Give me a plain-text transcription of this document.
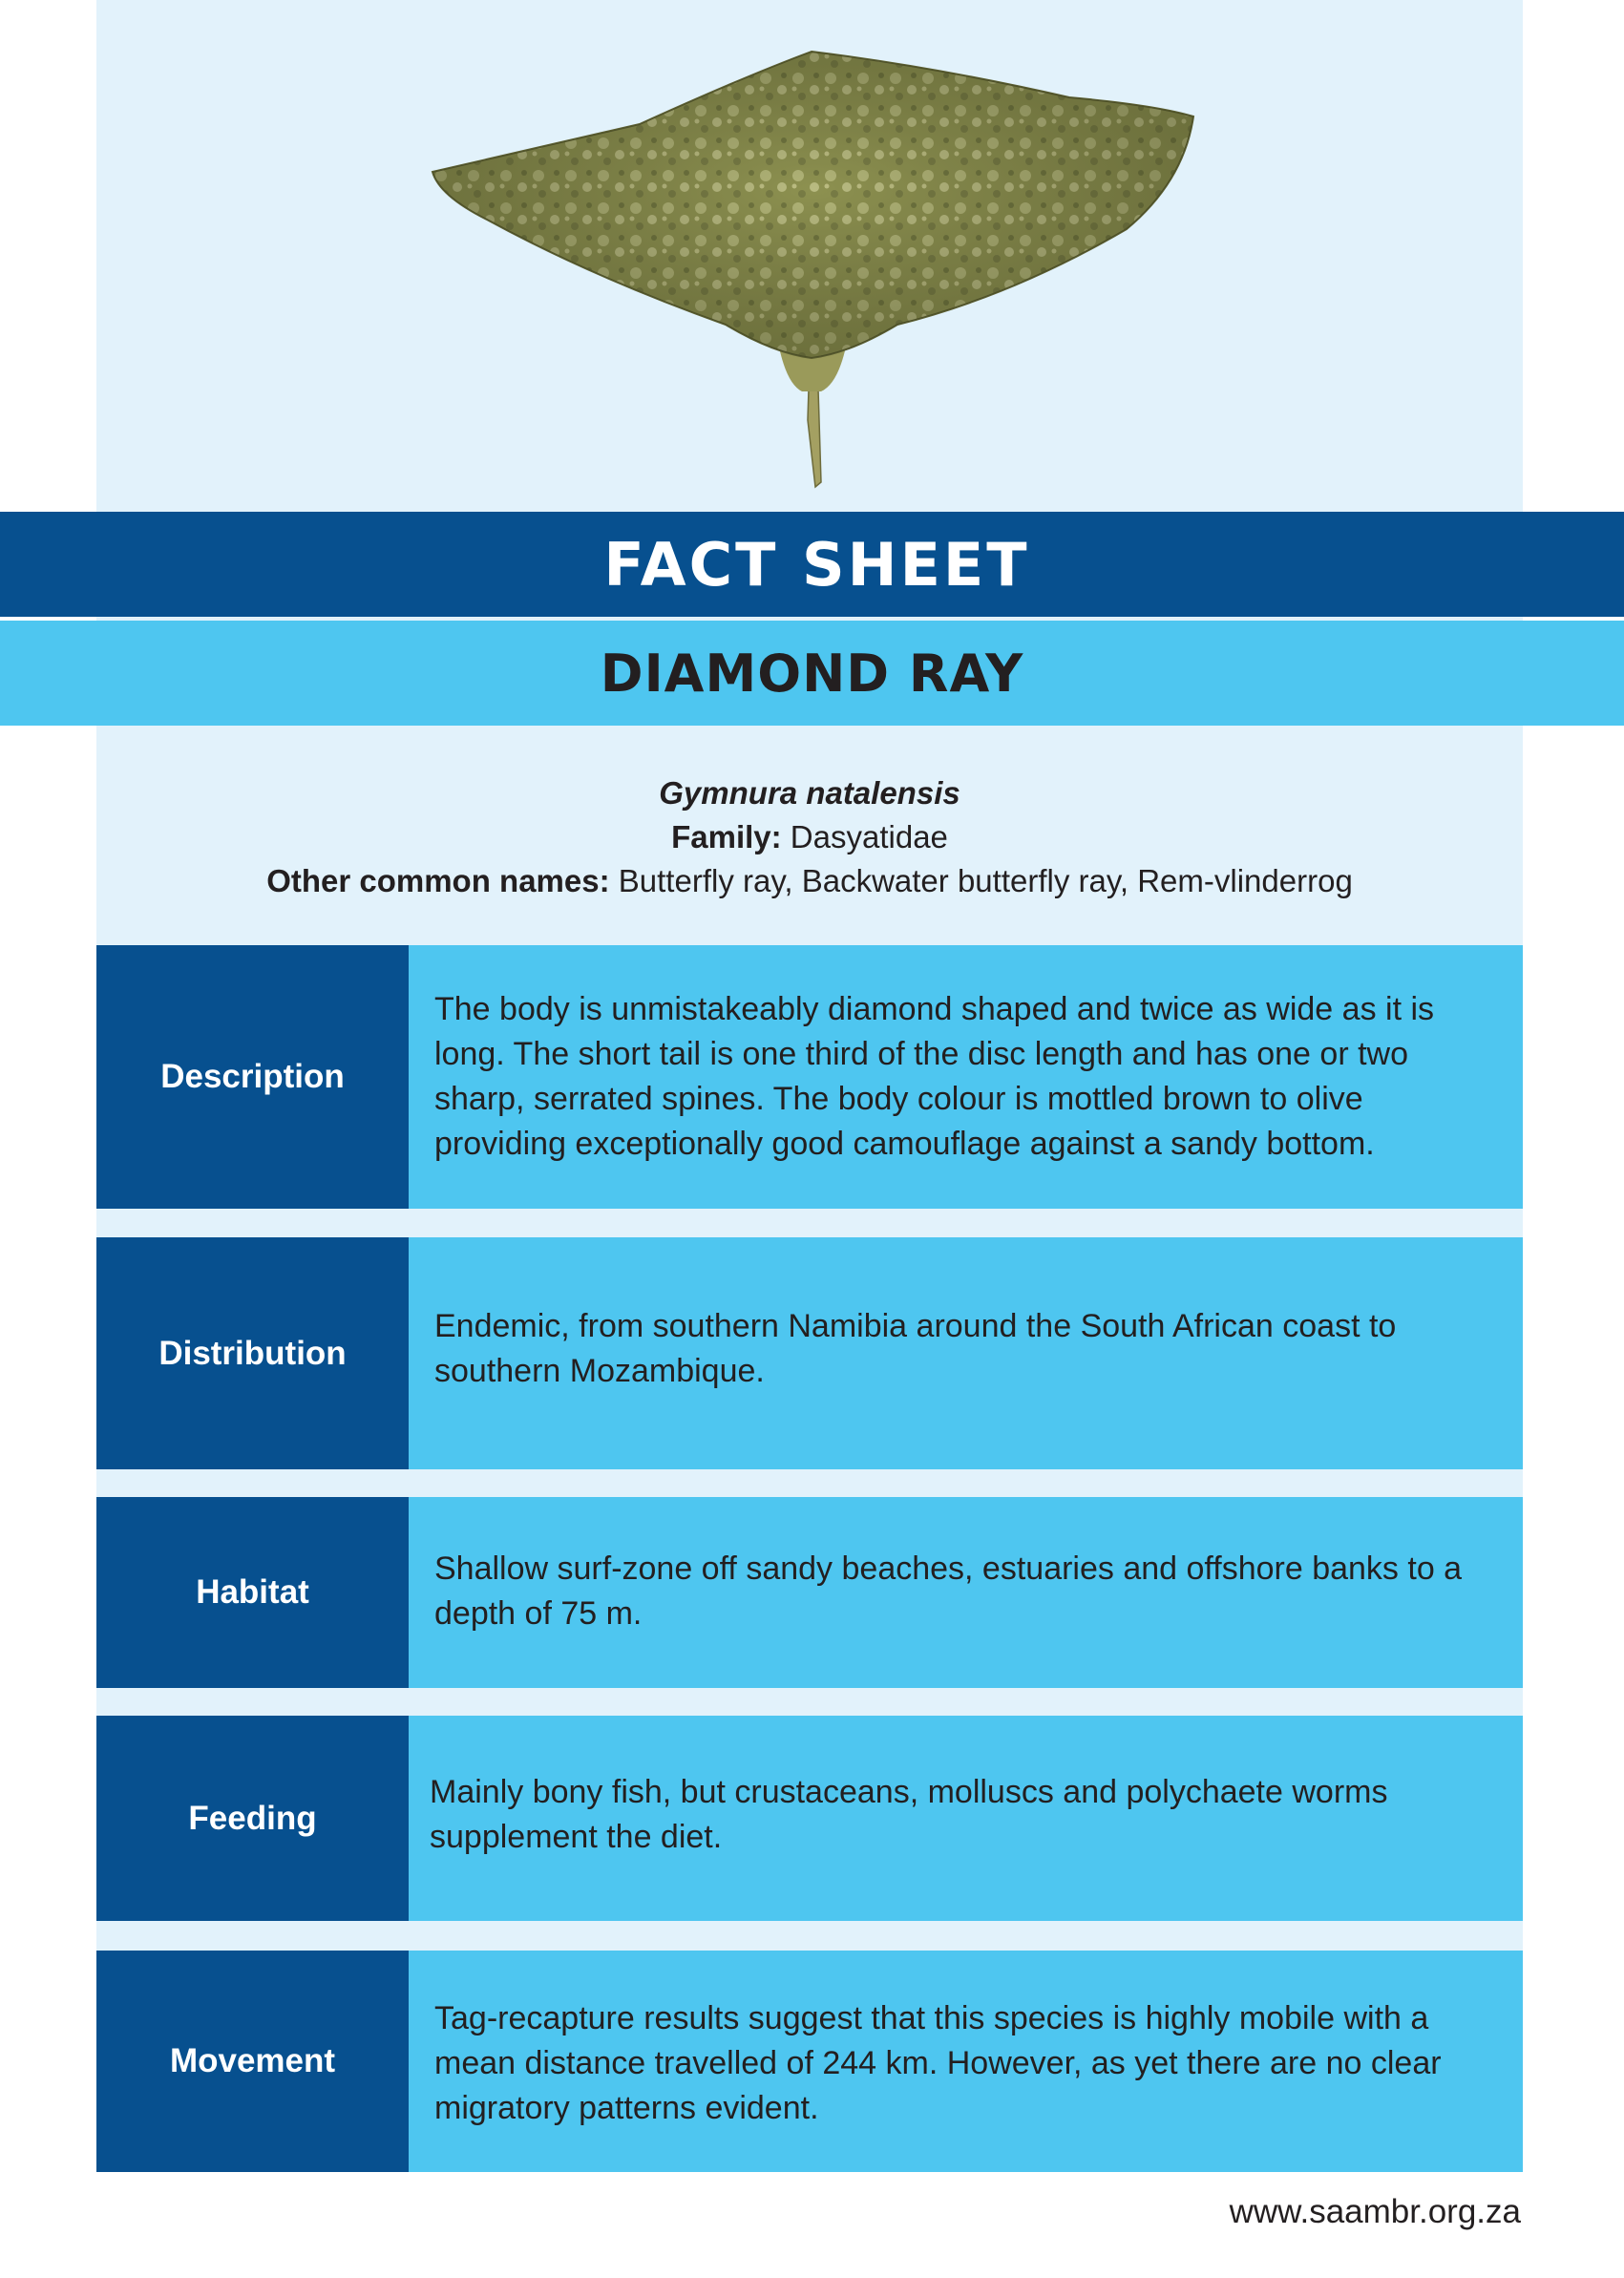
FACT SHEET
DIAMOND RAY
Gymnura natalensis
Family: Dasyatidae
Other common names: Butterfly ray, Backwater butterfly ray, Rem-vlinderrog
Description
The body is unmistakeably diamond shaped and twice as wide as it is long. The short tail is one third of the disc length and has one or two sharp, serrated spines. The body colour is mottled brown to olive providing exceptionally good camouflage against a sandy bottom.
Distribution
Endemic, from southern Namibia around the South African coast to southern Mozambique.
Habitat
Shallow surf-zone off sandy beaches, estuaries and offshore banks to a depth of 75 m.
Feeding
Mainly bony fish, but crustaceans, molluscs and polychaete worms supplement the diet.
Movement
Tag-recapture results suggest that this species is highly mobile with a mean distance travelled of 244 km. However, as yet there are no clear migratory patterns evident.
www.saambr.org.za
